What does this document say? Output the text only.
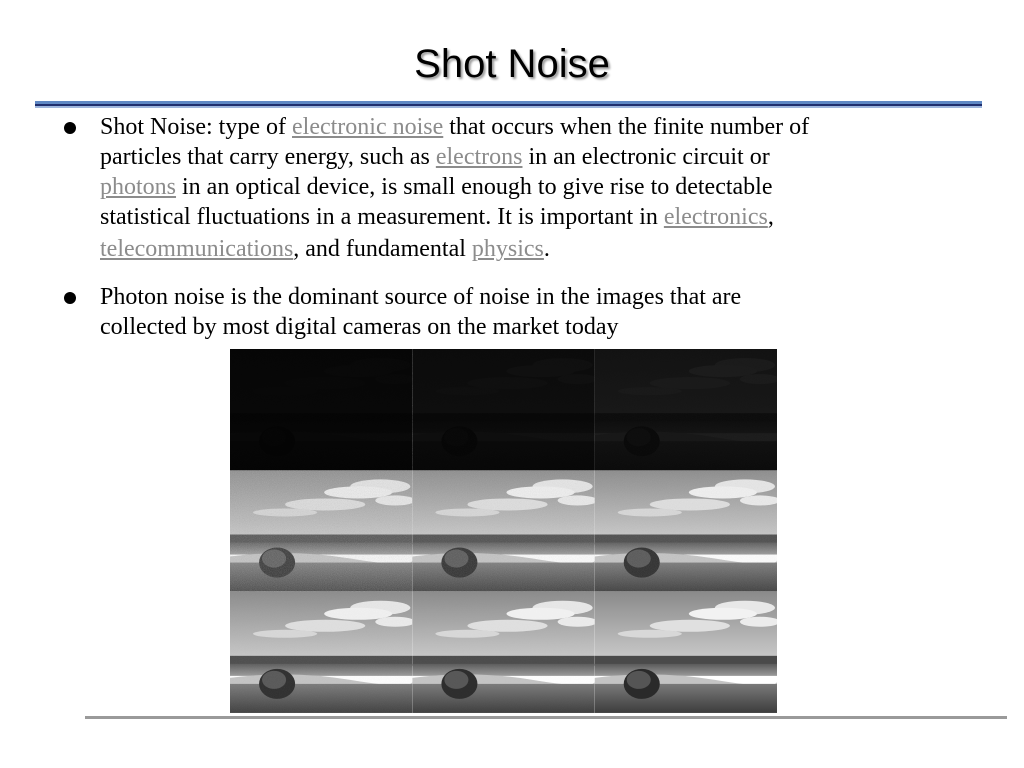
Shot Noise
Shot Noise: type of electronic noise that occurs when the finite number of
particles that carry energy, such as electrons in an electronic circuit or
photons in an optical device, is small enough to give rise to detectable
statistical fluctuations in a measurement. It is important in electronics,
telecommunications, and fundamental physics.
Photon noise is the dominant source of noise in the images that are
collected by most digital cameras on the market today
